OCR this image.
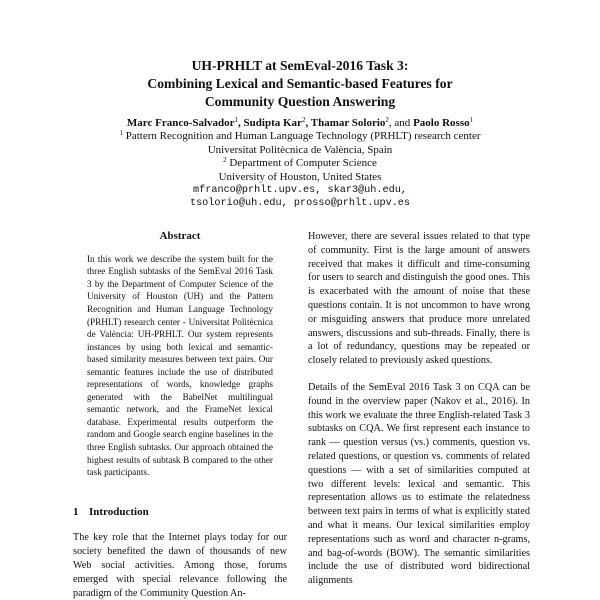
UH-PRHLT at SemEval-2016 Task 3:
Combining Lexical and Semantic-based Features for
Community Question Answering
Marc Franco-Salvador$^1$, Sudipta Kar$^2$, Thamar Solorio$^2$, and Paolo Rosso$^1$
$^1$ Pattern Recognition and Human Language Technology (PRHLT) research center
Universitat Politècnica de València, Spain
$^2$ Department of Computer Science
University of Houston, United States
mfranco@prhlt.upv.es, skar3@uh.edu,
tsolorio@uh.edu, prosso@prhlt.upv.es
Abstract

In this work we describe the system built for the three English subtasks of the SemEval 2016 Task 3 by the Department of Computer Science of the University of Houston (UH) and the Pattern Recognition and Human Language Technology (PRHLT) research center - Universitat Politècnica de València: UH-PRHLT. Our system represents instances by using both lexical and semantic-based similarity measures between text pairs. Our semantic features include the use of distributed representations of words, knowledge graphs generated with the BabelNet multilingual semantic network, and the FrameNet lexical database. Experimental results outperform the random and Google search engine baselines in the three English subtasks. Our approach obtained the highest results of subtask B compared to the other task participants.

1 Introduction

The key role that the Internet plays today for our society benefited the dawn of thousands of new Web social activities. Among those, forums emerged with special relevance following the paradigm of the Community Question An-

However, there are several issues related to that type of community. First is the large amount of answers received that makes it difficult and time-consuming for users to search and distinguish the good ones. This is exacerbated with the amount of noise that these questions contain. It is not uncommon to have wrong or misguiding answers that produce more unrelated answers, discussions and sub-threads. Finally, there is a lot of redundancy, questions may be repeated or closely related to previously asked questions.

Details of the SemEval 2016 Task 3 on CQA can be found in the overview paper (Nakov et al., 2016). In this work we evaluate the three English-related Task 3 subtasks on CQA. We first represent each instance to rank — question versus (vs.) comments, question vs. related questions, or question vs. comments of related questions — with a set of similarities computed at two different levels: lexical and semantic. This representation allows us to estimate the relatedness between text pairs in terms of what is explicitly stated and what it means. Our lexical similarities employ representations such as word and character n-grams, and bag-of-words (BOW). The semantic similarities include the use of distributed word bidirectional alignments
